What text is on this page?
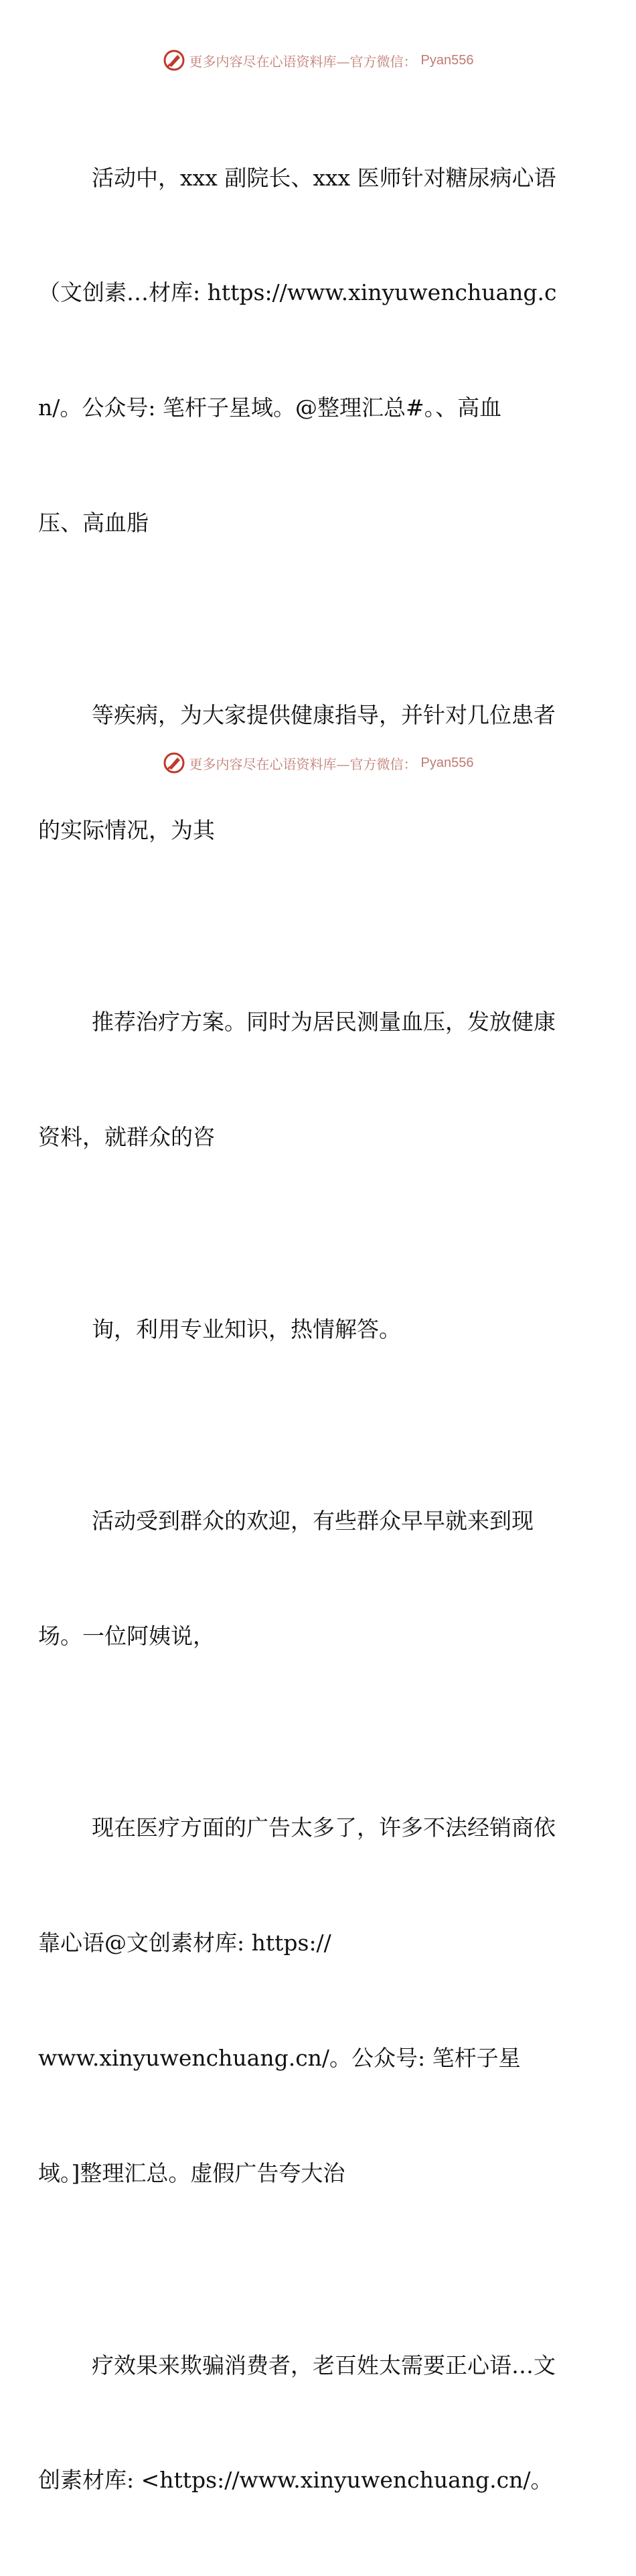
更多内容尽在心语资料库—官方微信： Pyan556

活动中，xxx 副院长、xxx 医师针对糖尿病心语

（文创素…材库: https://www.xinyuwenchuang.c

n/。公众号: 笔杆子星域。@整理汇总#。、高血

压、高血脂

等疾病，为大家提供健康指导，并针对几位患者

的实际情况，为其

推荐治疗方案。同时为居民测量血压，发放健康

资料，就群众的咨

询，利用专业知识，热情解答。

活动受到群众的欢迎，有些群众早早就来到现

场。一位阿姨说，

现在医疗方面的广告太多了，许多不法经销商依

靠心语@文创素材库: https://

www.xinyuwenchuang.cn/。公众号: 笔杆子星

域。]整理汇总。虚假广告夸大治

疗效果来欺骗消费者，老百姓太需要正心语…文

创素材库: <https://www.xinyuwenchuang.cn/。

更多内容尽在心语资料库—官方微信： Pyan556
